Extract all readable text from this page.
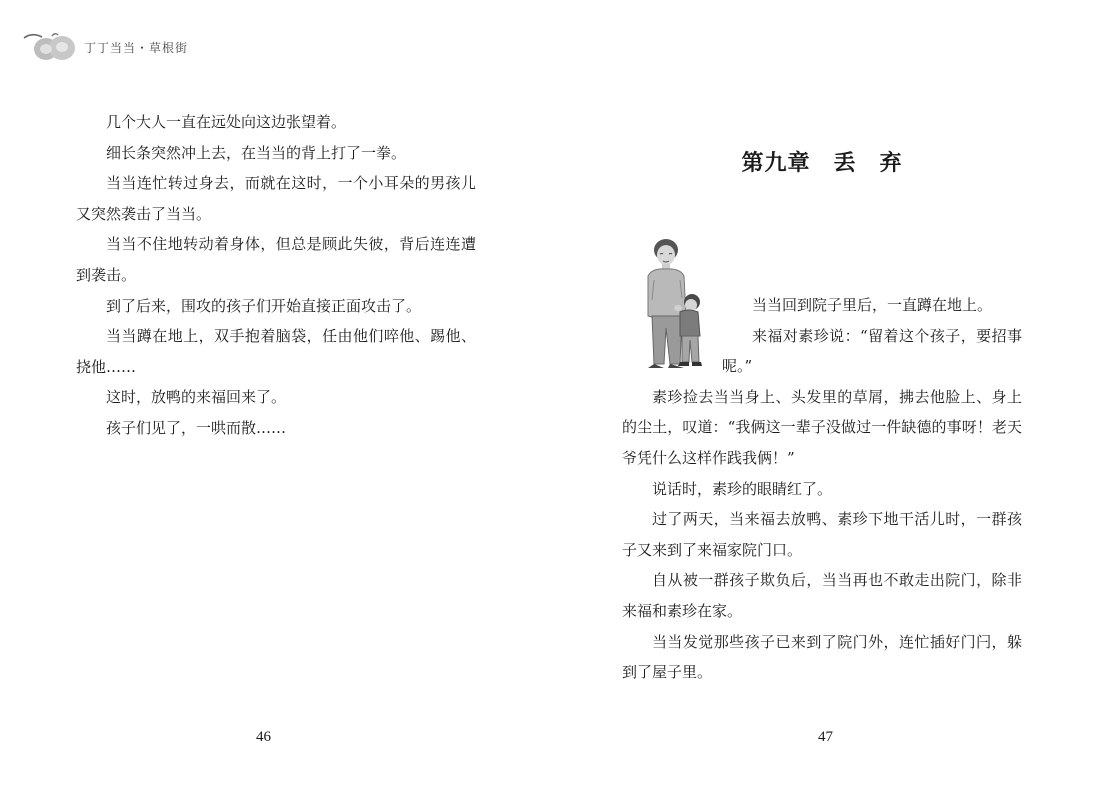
丁丁当当・草根街

几个大人一直在远处向这边张望着。

细长条突然冲上去，在当当的背上打了一拳。

当当连忙转过身去，而就在这时，一个小耳朵的男孩儿又突然袭击了当当。

当当不住地转动着身体，但总是顾此失彼，背后连连遭到袭击。

到了后来，围攻的孩子们开始直接正面攻击了。

当当蹲在地上，双手抱着脑袋，任由他们啐他、踢他、挠他……

这时，放鸭的来福回来了。

孩子们见了，一哄而散……

46
第九章　丢　弃

当当回到院子里后，一直蹲在地上。

来福对素珍说：“留着这个孩子，要招事呢。”

素珍捡去当当身上、头发里的草屑，拂去他脸上、身上的尘土，叹道：“我俩这一辈子没做过一件缺德的事呀！老天爷凭什么这样作践我俩！”

说话时，素珍的眼睛红了。

过了两天，当来福去放鸭、素珍下地干活儿时，一群孩子又来到了来福家院门口。

自从被一群孩子欺负后，当当再也不敢走出院门，除非来福和素珍在家。

当当发觉那些孩子已来到了院门外，连忙插好门闩，躲到了屋子里。

47
